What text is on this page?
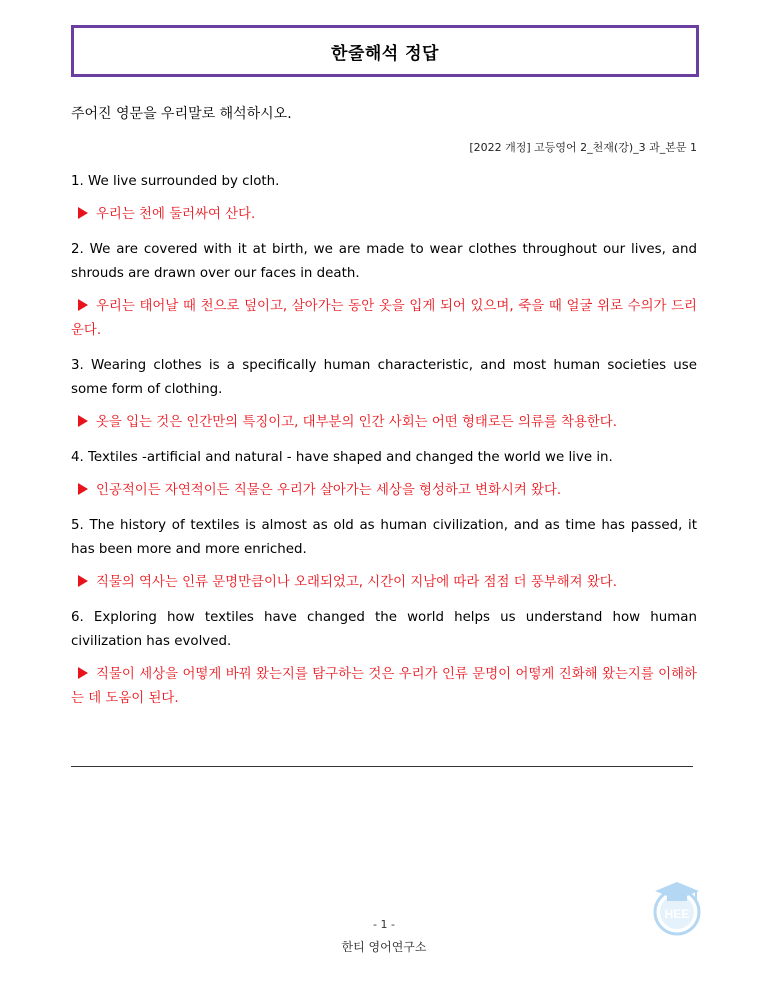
한줄해석 정답
주어진 영문을 우리말로 해석하시오.
[2022 개정] 고등영어 2_천재(강)_3 과_본문 1

1. We live surrounded by cloth.

우리는 천에 둘러싸여 산다.

2. We are covered with it at birth, we are made to wear clothes throughout our lives, and shrouds are drawn over our faces in death.

우리는 태어날 때 천으로 덮이고, 살아가는 동안 옷을 입게 되어 있으며, 죽을 때 얼굴 위로 수의가 드리운다.

3. Wearing clothes is a specifically human characteristic, and most human societies use some form of clothing.

옷을 입는 것은 인간만의 특징이고, 대부분의 인간 사회는 어떤 형태로든 의류를 착용한다.

4. Textiles -artificial and natural - have shaped and changed the world we live in.

인공적이든 자연적이든 직물은 우리가 살아가는 세상을 형성하고 변화시켜 왔다.

5. The history of textiles is almost as old as human civilization, and as time has passed, it has been more and more enriched.

직물의 역사는 인류 문명만큼이나 오래되었고, 시간이 지남에 따라 점점 더 풍부해져 왔다.

6. Exploring how textiles have changed the world helps us understand how human civilization has evolved.

직물이 세상을 어떻게 바꿔 왔는지를 탐구하는 것은 우리가 인류 문명이 어떻게 진화해 왔는지를 이해하는 데 도움이 된다.

- 1 -
한티 영어연구소
HEE
